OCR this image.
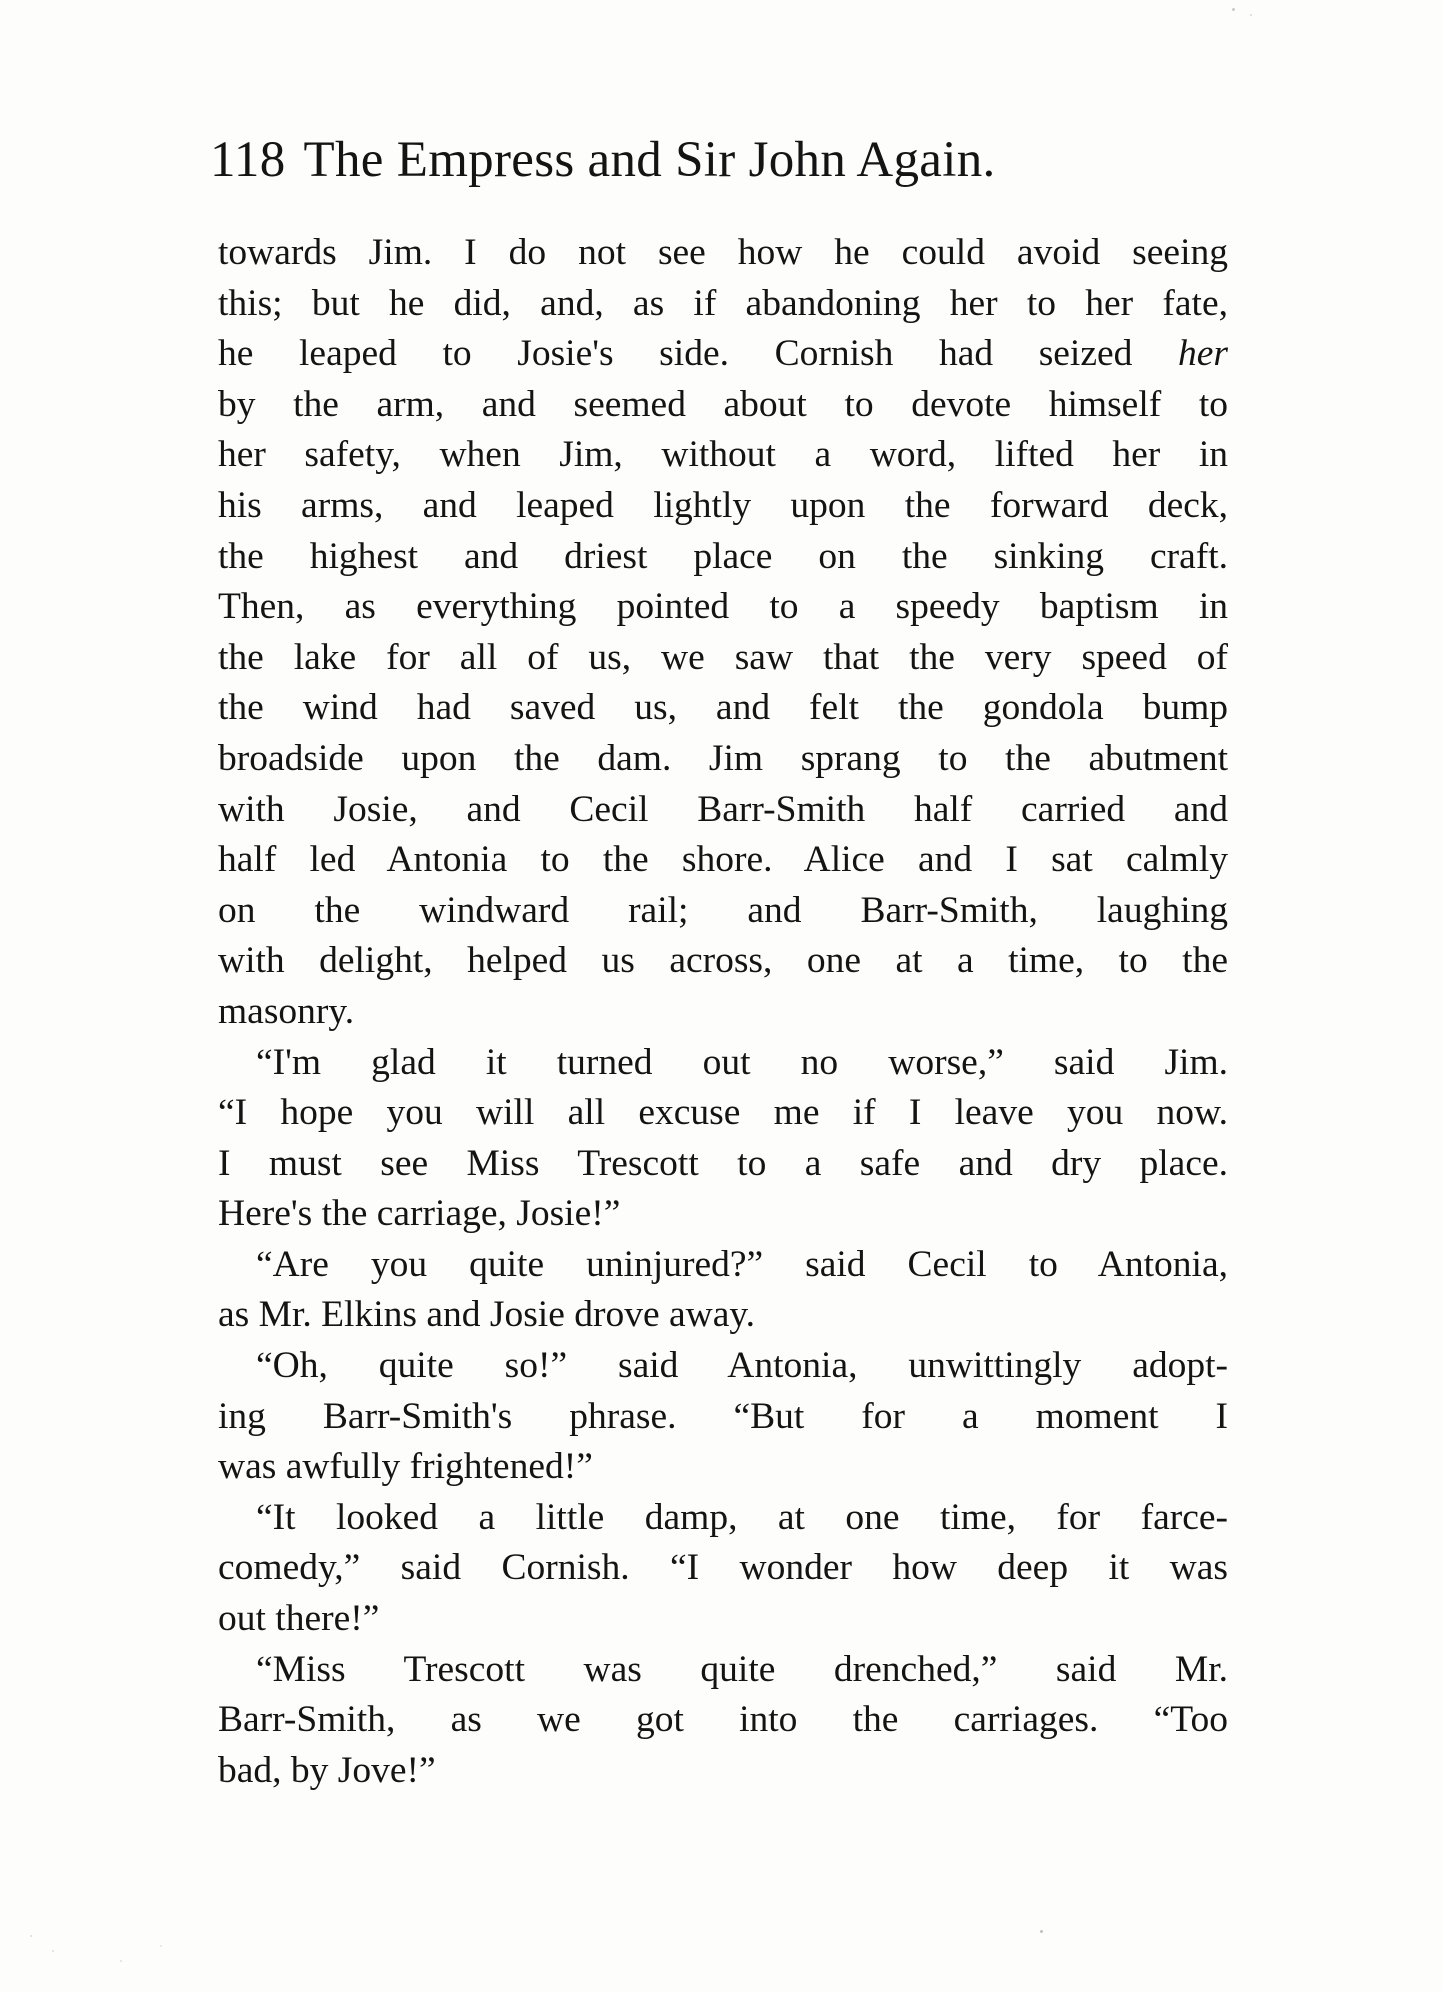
118 The Empress and Sir John Again.
towards Jim. I do not see how he could avoid seeing
this; but he did, and, as if abandoning her to her fate,
he leaped to Josie's side. Cornish had seized her
by the arm, and seemed about to devote himself to
her safety, when Jim, without a word, lifted her in
his arms, and leaped lightly upon the forward deck,
the highest and driest place on the sinking craft.
Then, as everything pointed to a speedy baptism in
the lake for all of us, we saw that the very speed of
the wind had saved us, and felt the gondola bump
broadside upon the dam. Jim sprang to the abutment
with Josie, and Cecil Barr-Smith half carried and
half led Antonia to the shore. Alice and I sat calmly
on the windward rail; and Barr-Smith, laughing
with delight, helped us across, one at a time, to the
masonry.
“I'm glad it turned out no worse,” said Jim.
“I hope you will all excuse me if I leave you now.
I must see Miss Trescott to a safe and dry place.
Here's the carriage, Josie!”
“Are you quite uninjured?” said Cecil to Antonia,
as Mr. Elkins and Josie drove away.
“Oh, quite so!” said Antonia, unwittingly adopt-
ing Barr-Smith's phrase. “But for a moment I
was awfully frightened!”
“It looked a little damp, at one time, for farce-
comedy,” said Cornish. “I wonder how deep it was
out there!”
“Miss Trescott was quite drenched,” said Mr.
Barr-Smith, as we got into the carriages. “Too
bad, by Jove!”
